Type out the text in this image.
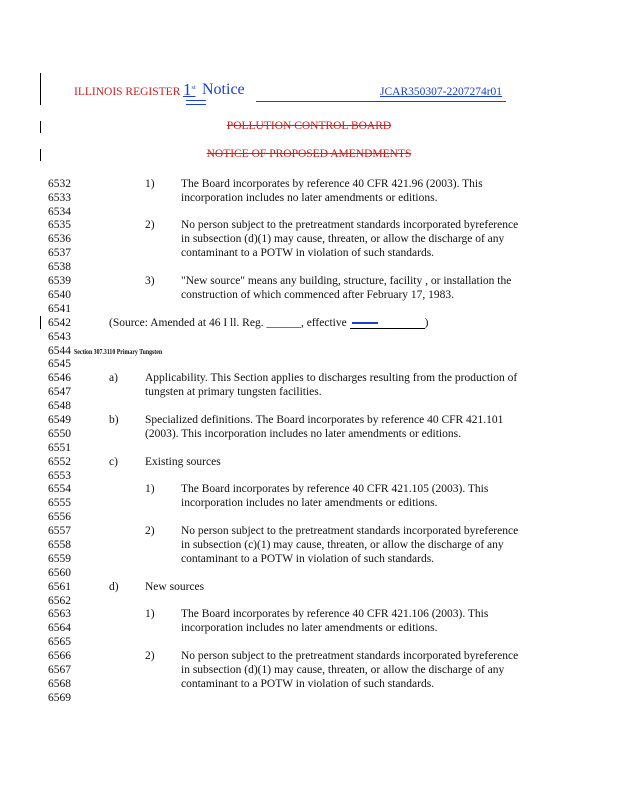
ILLINOIS REGISTER 1st Notice	JCAR350307-2207274r01
POLLUTION CONTROL BOARD
NOTICE OF PROPOSED AMENDMENTS
6532
6533
6534
6535
6536
6537
6538
6539
6540
6541
6542
6543
6544
6545
6546
6547
6548
6549
6550
6551
6552
6553
6554
6555
6556
6557
6558
6559
6560
6561
6562
6563
6564
6565
6566
6567
6568
6569
1) The Board incorporates by reference 40 CFR 421.96 (2003). This
incorporation includes no later amendments or editions.
2) No person subject to the pretreatment standards incorporated byreference
in subsection (d)(1) may cause, threaten, or allow the discharge of any
contaminant to a POTW in violation of such standards.
3) "New source" means any building, structure, facility , or installation the
construction of which commenced after February 17, 1983.
(Source: Amended at 46 I ll. Reg. ______, effective	)
Section 307.3110 Primary Tungsten
a) Applicability. This Section applies to discharges resulting from the production of
tungsten at primary tungsten facilities.
b) Specialized definitions. The Board incorporates by reference 40 CFR 421.101
(2003). This incorporation includes no later amendments or editions.
c) Existing sources
1) The Board incorporates by reference 40 CFR 421.105 (2003). This
incorporation includes no later amendments or editions.
2) No person subject to the pretreatment standards incorporated byreference
in subsection (c)(1) may cause, threaten, or allow the discharge of any
contaminant to a POTW in violation of such standards.
d) New sources
1) The Board incorporates by reference 40 CFR 421.106 (2003). This
incorporation includes no later amendments or editions.
2) No person subject to the pretreatment standards incorporated byreference
in subsection (d)(1) may cause, threaten, or allow the discharge of any
contaminant to a POTW in violation of such standards.
